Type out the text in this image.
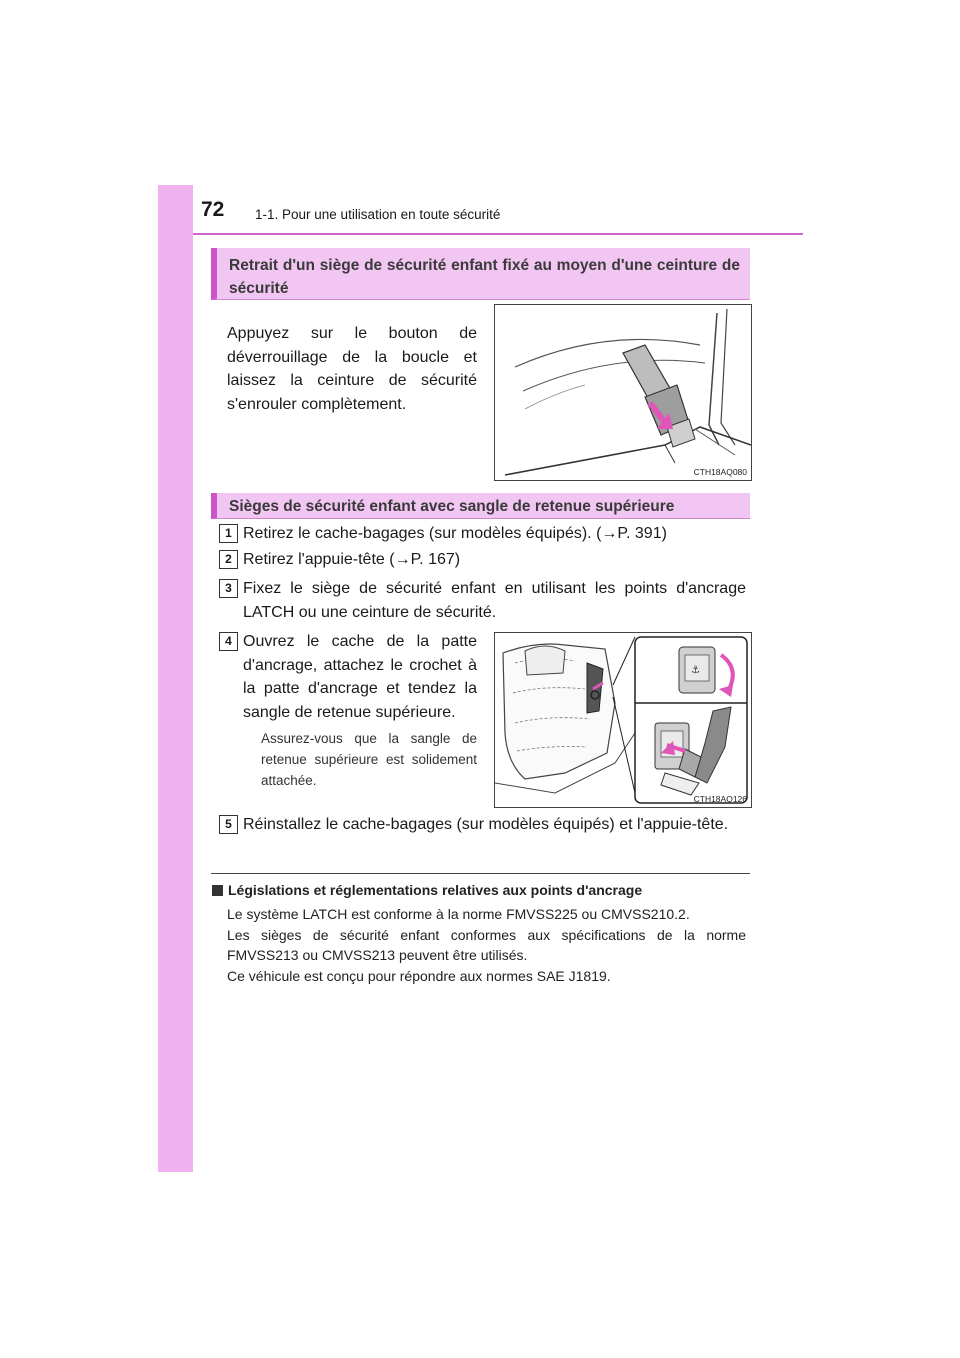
72 1-1. Pour une utilisation en toute sécurité
Retrait d'un siège de sécurité enfant fixé au moyen d'une ceinture de sécurité

Appuyez sur le bouton de déverrouillage de la boucle et laissez la ceinture de sécurité s'enrouler complètement.

CTH18AQ080
Sièges de sécurité enfant avec sangle de retenue supérieure
1 Retirez le cache-bagages (sur modèles équipés). (→P. 391)
2 Retirez l'appuie-tête (→P. 167)
3 Fixez le siège de sécurité enfant en utilisant les points d'ancrage LATCH ou une ceinture de sécurité.
4 Ouvrez le cache de la patte d'ancrage, attachez le crochet à la patte d'ancrage et tendez la sangle de retenue supérieure.
Assurez-vous que la sangle de retenue supérieure est solidement attachée.
⚓
CTH18AQ126
5 Réinstallez le cache-bagages (sur modèles équipés) et l'appuie-tête.
Législations et réglementations relatives aux points d'ancrage
Le système LATCH est conforme à la norme FMVSS225 ou CMVSS210.2.
Les sièges de sécurité enfant conformes aux spécifications de la norme FMVSS213 ou CMVSS213 peuvent être utilisés.
Ce véhicule est conçu pour répondre aux normes SAE J1819.
